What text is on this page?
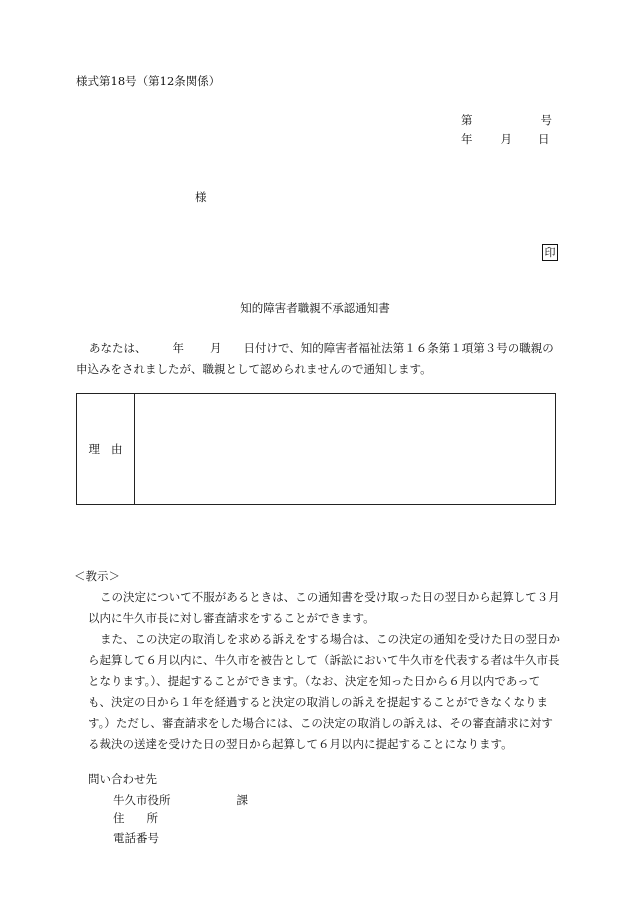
様式第18号（第12条関係）
第	号
年 月 日
様
印
知的障害者職親不承認通知書
あなたは、 年 月 日付けで、知的障害者福祉法第１６条第１項第３号の職親の申込みをされましたが、職親として認められませんので通知します。
理由

＜教示＞

この決定について不服があるときは、この通知書を受け取った日の翌日から起算して３月以内に牛久市長に対し審査請求をすることができます。

また、この決定の取消しを求める訴えをする場合は、この決定の通知を受けた日の翌日から起算して６月以内に、牛久市を被告として（訴訟において牛久市を代表する者は牛久市長となります。）、提起することができます。（なお、決定を知った日から６月以内であっても、決定の日から１年を経過すると決定の取消しの訴えを提起することができなくなります。）ただし、審査請求をした場合には、この決定の取消しの訴えは、その審査請求に対する裁決の送達を受けた日の翌日から起算して６月以内に提起することになります。

問い合わせ先
牛久市役所	課
住 所
電話番号
